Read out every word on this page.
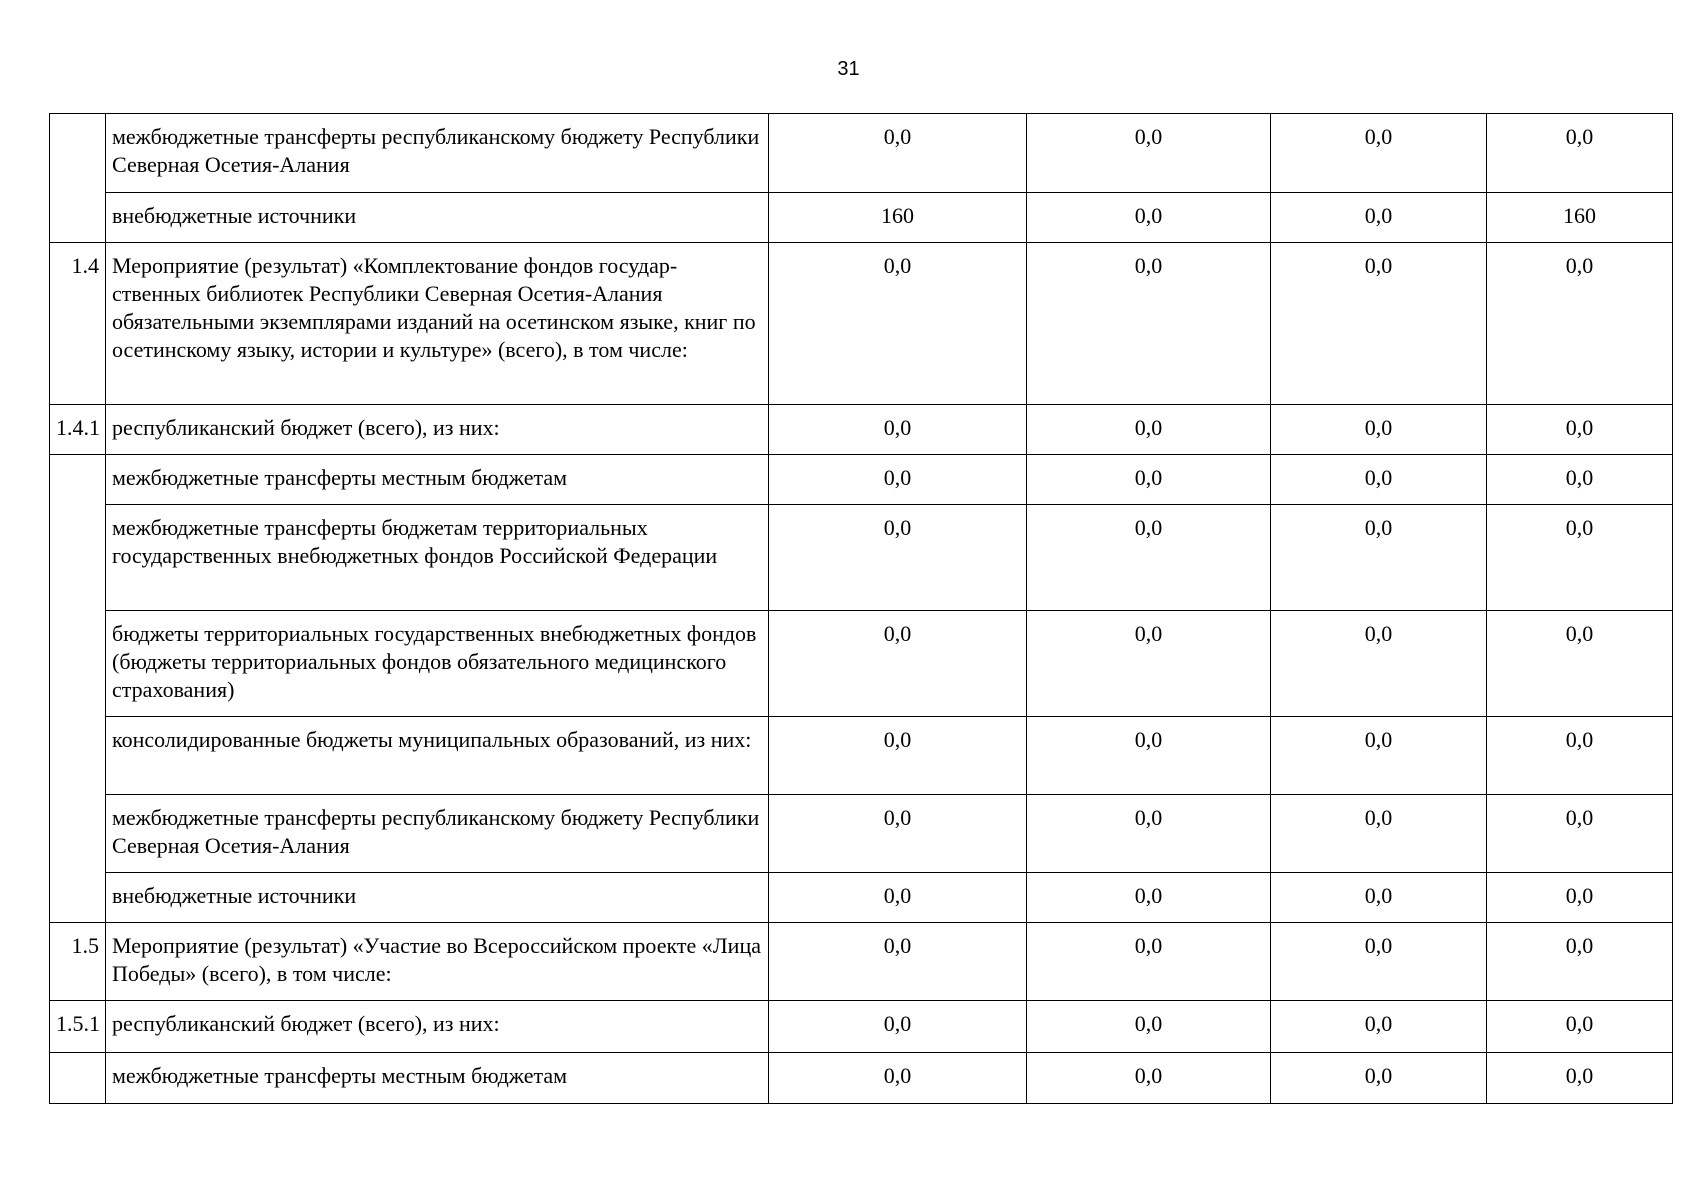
31
	межбюджетные трансферты республиканскому бюджету Республики Северная Осетия-Алания	0,0	0,0	0,0	0,0
	внебюджетные источники	160	0,0	0,0	160
1.4	Мероприятие (результат) «Комплектование фондов государ-ственных библиотек Республики Северная Осетия-Алания обязательными экземплярами изданий на осетинском языке, книг по осетинскому языку, истории и культуре» (всего), в том числе:	0,0	0,0	0,0	0,0
1.4.1	республиканский бюджет (всего), из них:	0,0	0,0	0,0	0,0
	межбюджетные трансферты местным бюджетам	0,0	0,0	0,0	0,0
	межбюджетные трансферты бюджетам территориальных государственных внебюджетных фондов Российской Федерации	0,0	0,0	0,0	0,0
	бюджеты территориальных государственных внебюджетных фондов (бюджеты территориальных фондов обязательного медицинского страхования)	0,0	0,0	0,0	0,0
	консолидированные бюджеты муниципальных образований, из них:	0,0	0,0	0,0	0,0
	межбюджетные трансферты республиканскому бюджету Республики Северная Осетия-Алания	0,0	0,0	0,0	0,0
	внебюджетные источники	0,0	0,0	0,0	0,0
1.5	Мероприятие (результат) «Участие во Всероссийском проекте «Лица Победы» (всего), в том числе:	0,0	0,0	0,0	0,0
1.5.1	республиканский бюджет (всего), из них:	0,0	0,0	0,0	0,0
	межбюджетные трансферты местным бюджетам	0,0	0,0	0,0	0,0
